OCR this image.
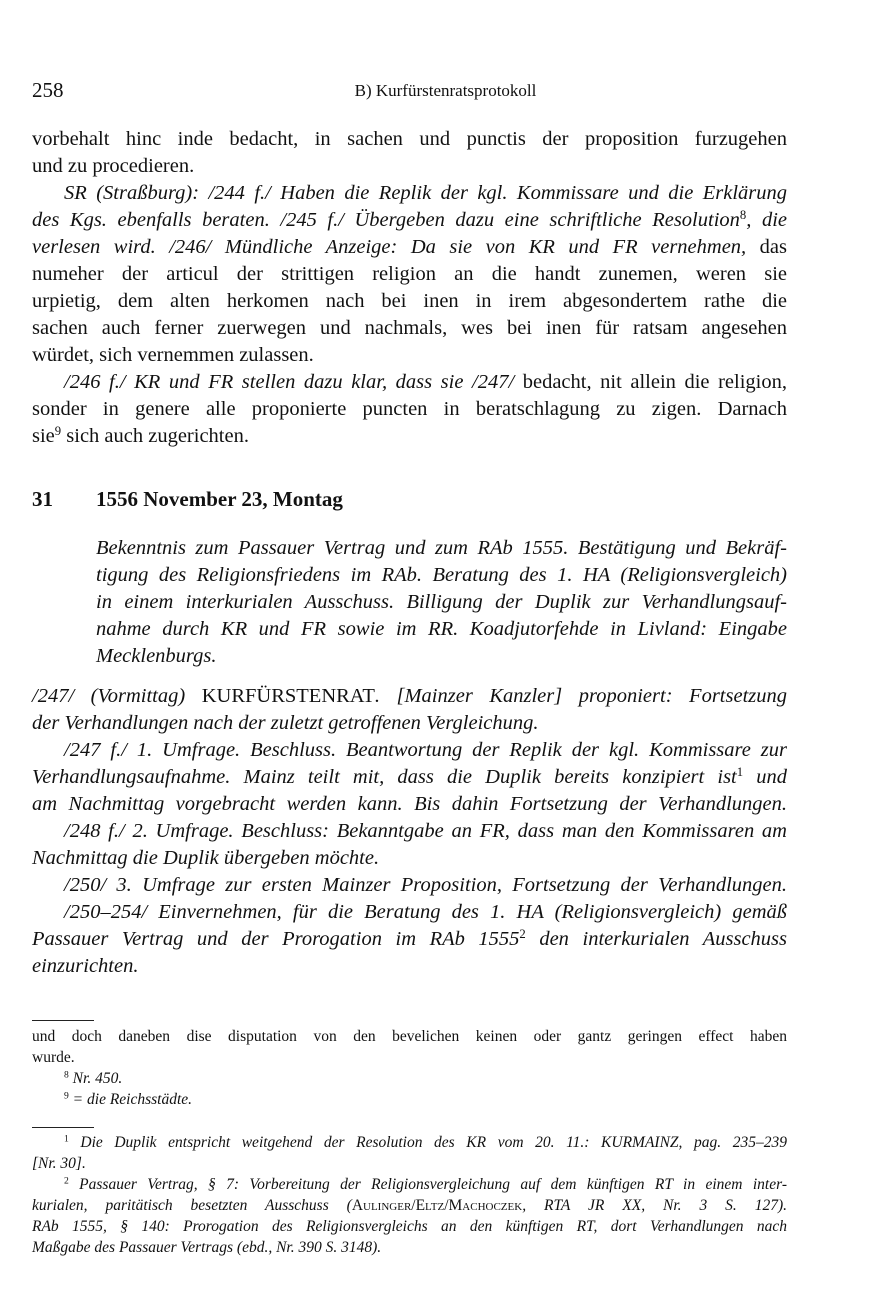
258	B) Kurfürstenratsprotokoll
vorbehalt hinc inde bedacht, in sachen und punctis der proposition furzugehen
und zu procedieren.
SR (Straßburg): /244 f./ Haben die Replik der kgl. Kommissare und die Erklärung
des Kgs. ebenfalls beraten. /245 f./ Übergeben dazu eine schriftliche Resolution$^8$, die
verlesen wird. /246/ Mündliche Anzeige: Da sie von KR und FR vernehmen, das
numeher der articul der strittigen religion an die handt zunemen, weren sie
urpietig, dem alten herkomen nach bei inen in irem abgesondertem rathe die
sachen auch ferner zuerwegen und nachmals, wes bei inen für ratsam angesehen
würdet, sich vernemmen zulassen.
/246 f./ KR und FR stellen dazu klar, dass sie /247/ bedacht, nit allein die religion,
sonder in genere alle proponierte puncten in beratschlagung zu zigen. Darnach
sie$^9$ sich auch zugerichten.
31 1556 November 23, Montag
Bekenntnis zum Passauer Vertrag und zum RAb 1555. Bestätigung und Bekräf-
tigung des Religionsfriedens im RAb. Beratung des 1. HA (Religionsvergleich)
in einem interkurialen Ausschuss. Billigung der Duplik zur Verhandlungsauf-
nahme durch KR und FR sowie im RR. Koadjutorfehde in Livland: Eingabe
Mecklenburgs.
/247/ (Vormittag) KURFÜRSTENRAT. [Mainzer Kanzler] proponiert: Fortsetzung
der Verhandlungen nach der zuletzt getroffenen Vergleichung.
/247 f./ 1. Umfrage. Beschluss. Beantwortung der Replik der kgl. Kommissare zur
Verhandlungsaufnahme. Mainz teilt mit, dass die Duplik bereits konzipiert ist$^1$ und
am Nachmittag vorgebracht werden kann. Bis dahin Fortsetzung der Verhandlungen.
/248 f./ 2. Umfrage. Beschluss: Bekanntgabe an FR, dass man den Kommissaren am
Nachmittag die Duplik übergeben möchte.
/250/ 3. Umfrage zur ersten Mainzer Proposition, Fortsetzung der Verhandlungen.
/250–254/ Einvernehmen, für die Beratung des 1. HA (Religionsvergleich) gemäß
Passauer Vertrag und der Prorogation im RAb 1555$^2$ den interkurialen Ausschuss
einzurichten.
und doch daneben dise disputation von den bevelichen keinen oder gantz geringen effect haben
wurde.
$^8$ Nr. 450.
$^9$ = die Reichsstädte.
$^1$ Die Duplik entspricht weitgehend der Resolution des KR vom 20. 11.: KURMAINZ, pag. 235–239
[Nr. 30].
$^2$ Passauer Vertrag, § 7: Vorbereitung der Religionsvergleichung auf dem künftigen RT in einem inter-
kurialen, paritätisch besetzten Ausschuss (Aulinger/Eltz/Machoczek, RTA JR XX, Nr. 3 S. 127).
RAb 1555, § 140: Prorogation des Religionsvergleichs an den künftigen RT, dort Verhandlungen nach
Maßgabe des Passauer Vertrags (ebd., Nr. 390 S. 3148).
